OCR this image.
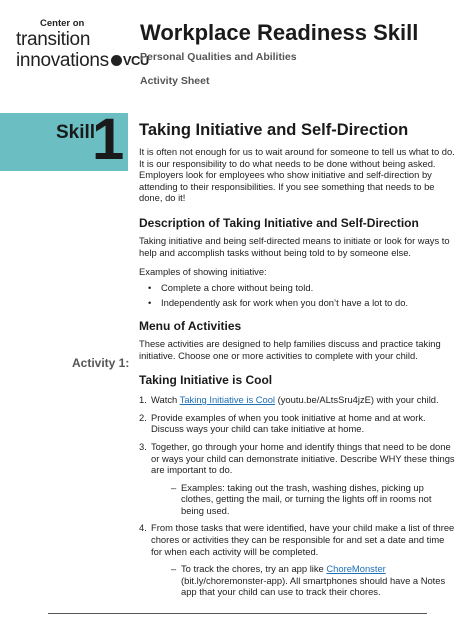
Center on
transition
innovations VCU
Workplace Readiness Skill
Personal Qualities and Abilities
Activity Sheet
Skill
1
Activity 1:
Taking Initiative and Self-Direction

It is often not enough for us to wait around for someone to tell us what to do. It is our responsibility to do what needs to be done without being asked. Employers look for employees who show initiative and self-direction by attending to their responsibilities. If you see something that needs to be done, do it!

Description of Taking Initiative and Self-Direction

Taking initiative and being self-directed means to initiate or look for ways to help and accomplish tasks without being told to by someone else.

Examples of showing initiative:

• Complete a chore without being told.
• Independently ask for work when you don’t have a lot to do.
Menu of Activities

These activities are designed to help families discuss and practice taking initiative. Choose one or more activities to complete with your child.

Taking Initiative is Cool
1. Watch Taking Initiative is Cool (youtu.be/ALtsSru4jzE) with your child.
2. Provide examples of when you took initiative at home and at work. Discuss ways your child can take initiative at home.
3. Together, go through your home and identify things that need to be done or ways your child can demonstrate initiative. Describe WHY these things are important to do.
– Examples: taking out the trash, washing dishes, picking up clothes, getting the mail, or turning the lights off in rooms not being used.
4. From those tasks that were identified, have your child make a list of three chores or activities they can be responsible for and set a date and time for when each activity will be completed.
– To track the chores, try an app like ChoreMonster (bit.ly/choremonster-app). All smartphones should have a Notes app that your child can use to track their chores.
